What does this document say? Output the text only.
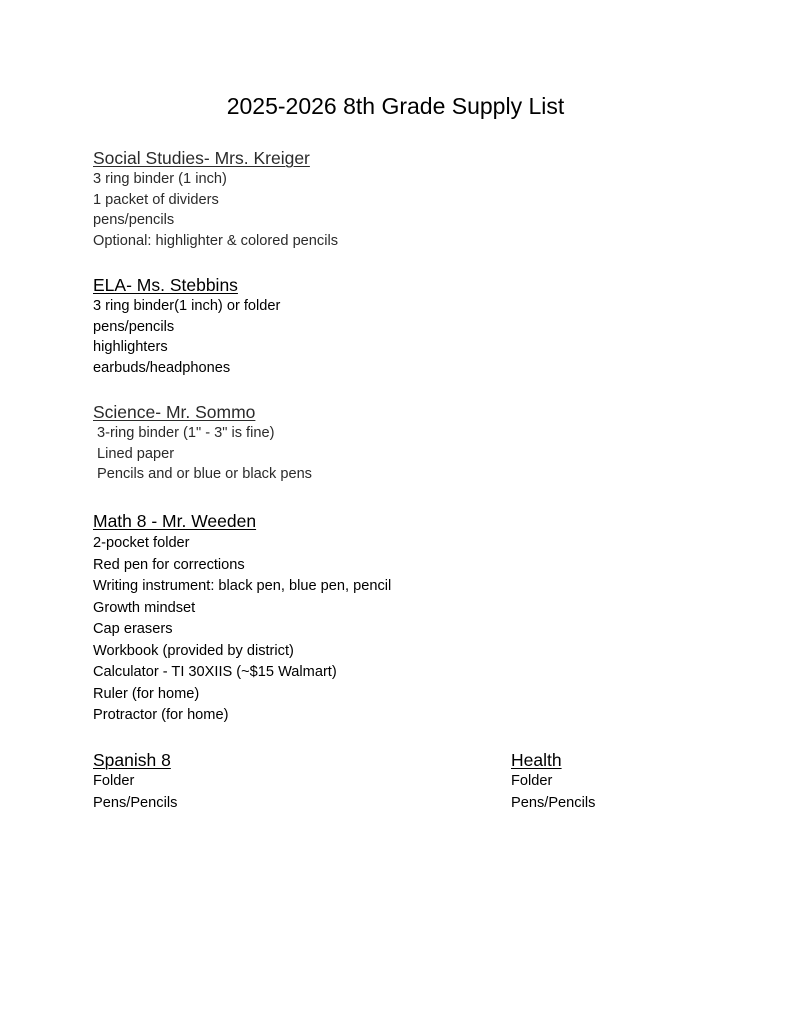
2025-2026 8th Grade Supply List
Social Studies- Mrs. Kreiger
3 ring binder (1 inch)
1 packet of dividers
pens/pencils
Optional: highlighter & colored pencils
ELA- Ms. Stebbins
3 ring binder(1 inch) or folder
pens/pencils
highlighters
earbuds/headphones
Science- Mr. Sommo
3-ring binder (1" - 3" is fine)
Lined paper
Pencils and or blue or black pens
Math 8 - Mr. Weeden
2-pocket folder
Red pen for corrections
Writing instrument: black pen, blue pen, pencil
Growth mindset
Cap erasers
Workbook (provided by district)
Calculator - TI 30XIIS (~$15 Walmart)
Ruler (for home)
Protractor (for home)
Spanish 8
Folder
Pens/Pencils
Health
Folder
Pens/Pencils
